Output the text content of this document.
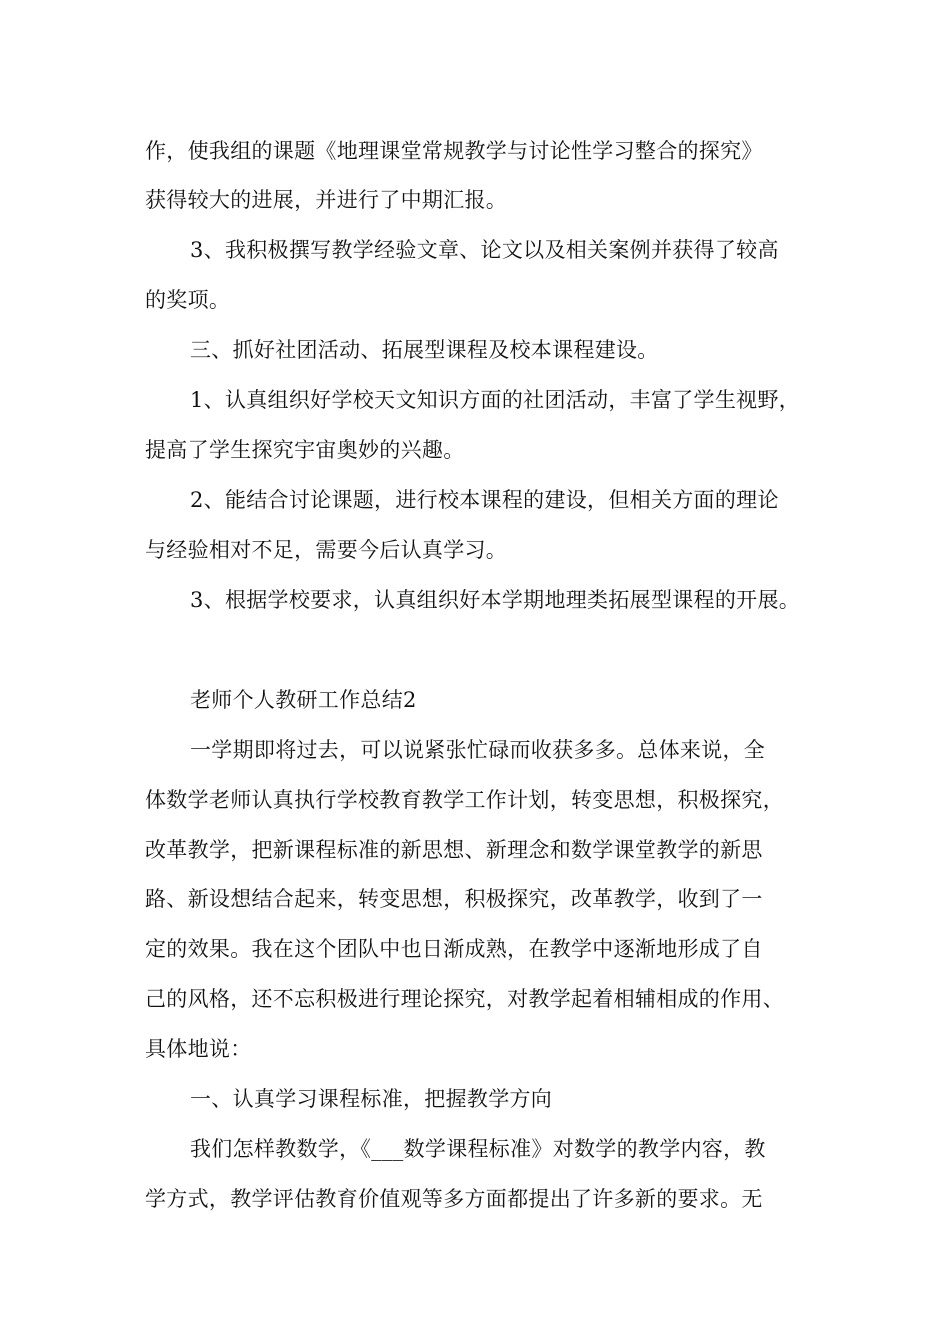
作，使我组的课题《地理课堂常规教学与讨论性学习整合的探究》
获得较大的进展，并进行了中期汇报。
3、我积极撰写教学经验文章、论文以及相关案例并获得了较高
的奖项。
三、抓好社团活动、拓展型课程及校本课程建设。
1、认真组织好学校天文知识方面的社团活动，丰富了学生视野，
提高了学生探究宇宙奥妙的兴趣。
2、能结合讨论课题，进行校本课程的建设，但相关方面的理论
与经验相对不足，需要今后认真学习。
3、根据学校要求，认真组织好本学期地理类拓展型课程的开展。
老师个人教研工作总结2
一学期即将过去，可以说紧张忙碌而收获多多。总体来说，全
体数学老师认真执行学校教育教学工作计划，转变思想，积极探究，
改革教学，把新课程标准的新思想、新理念和数学课堂教学的新思
路、新设想结合起来，转变思想，积极探究，改革教学，收到了一
定的效果。我在这个团队中也日渐成熟，在教学中逐渐地形成了自
己的风格，还不忘积极进行理论探究，对教学起着相辅相成的作用、
具体地说：
一、认真学习课程标准，把握教学方向
我们怎样教数学，《___数学课程标准》对数学的教学内容，教
学方式，教学评估教育价值观等多方面都提出了许多新的要求。无
